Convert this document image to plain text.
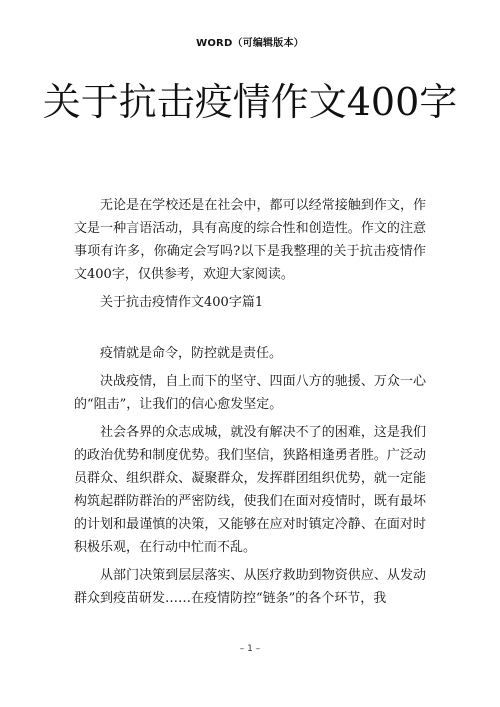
WORD（可编辑版本）
关于抗击疫情作文400字

无论是在学校还是在社会中，都可以经常接触到作文，作文是一种言语活动，具有高度的综合性和创造性。作文的注意事项有许多，你确定会写吗?以下是我整理的关于抗击疫情作文400字，仅供参考，欢迎大家阅读。

关于抗击疫情作文400字篇1

疫情就是命令，防控就是责任。

决战疫情，自上而下的坚守、四面八方的驰援、万众一心的“阻击”，让我们的信心愈发坚定。

社会各界的众志成城，就没有解决不了的困难，这是我们的政治优势和制度优势。我们坚信，狭路相逢勇者胜。广泛动员群众、组织群众、凝聚群众，发挥群团组织优势，就一定能构筑起群防群治的严密防线，使我们在面对疫情时，既有最坏的计划和最谨慎的决策，又能够在应对时镇定冷静、在面对时积极乐观，在行动中忙而不乱。

从部门决策到层层落实、从医疗救助到物资供应、从发动群众到疫苗研发……在疫情防控“链条”的各个环节，我

– 1 –
